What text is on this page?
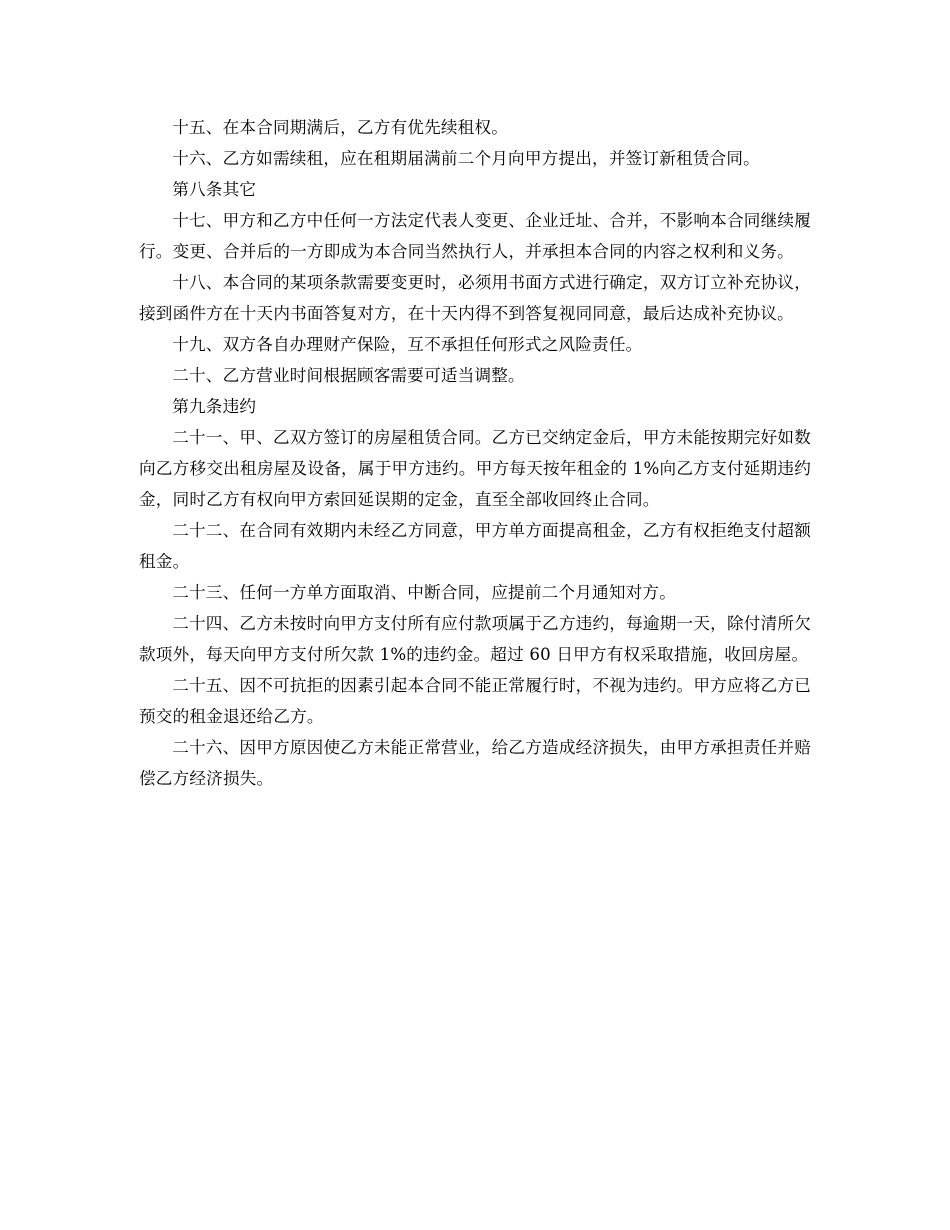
十五、在本合同期满后，乙方有优先续租权。

十六、乙方如需续租，应在租期届满前二个月向甲方提出，并签订新租赁合同。

第八条其它

十七、甲方和乙方中任何一方法定代表人变更、企业迁址、合并，不影响本合同继续履行。变更、合并后的一方即成为本合同当然执行人，并承担本合同的内容之权利和义务。

十八、本合同的某项条款需要变更时，必须用书面方式进行确定，双方订立补充协议，接到函件方在十天内书面答复对方，在十天内得不到答复视同同意，最后达成补充协议。

十九、双方各自办理财产保险，互不承担任何形式之风险责任。

二十、乙方营业时间根据顾客需要可适当调整。

第九条违约

二十一、甲、乙双方签订的房屋租赁合同。乙方已交纳定金后，甲方未能按期完好如数向乙方移交出租房屋及设备，属于甲方违约。甲方每天按年租金的 1%向乙方支付延期违约金，同时乙方有权向甲方索回延误期的定金，直至全部收回终止合同。

二十二、在合同有效期内未经乙方同意，甲方单方面提高租金，乙方有权拒绝支付超额租金。

二十三、任何一方单方面取消、中断合同，应提前二个月通知对方。

二十四、乙方未按时向甲方支付所有应付款项属于乙方违约，每逾期一天，除付清所欠款项外，每天向甲方支付所欠款 1%的违约金。超过 60 日甲方有权采取措施，收回房屋。

二十五、因不可抗拒的因素引起本合同不能正常履行时，不视为违约。甲方应将乙方已预交的租金退还给乙方。

二十六、因甲方原因使乙方未能正常营业，给乙方造成经济损失，由甲方承担责任并赔偿乙方经济损失。
